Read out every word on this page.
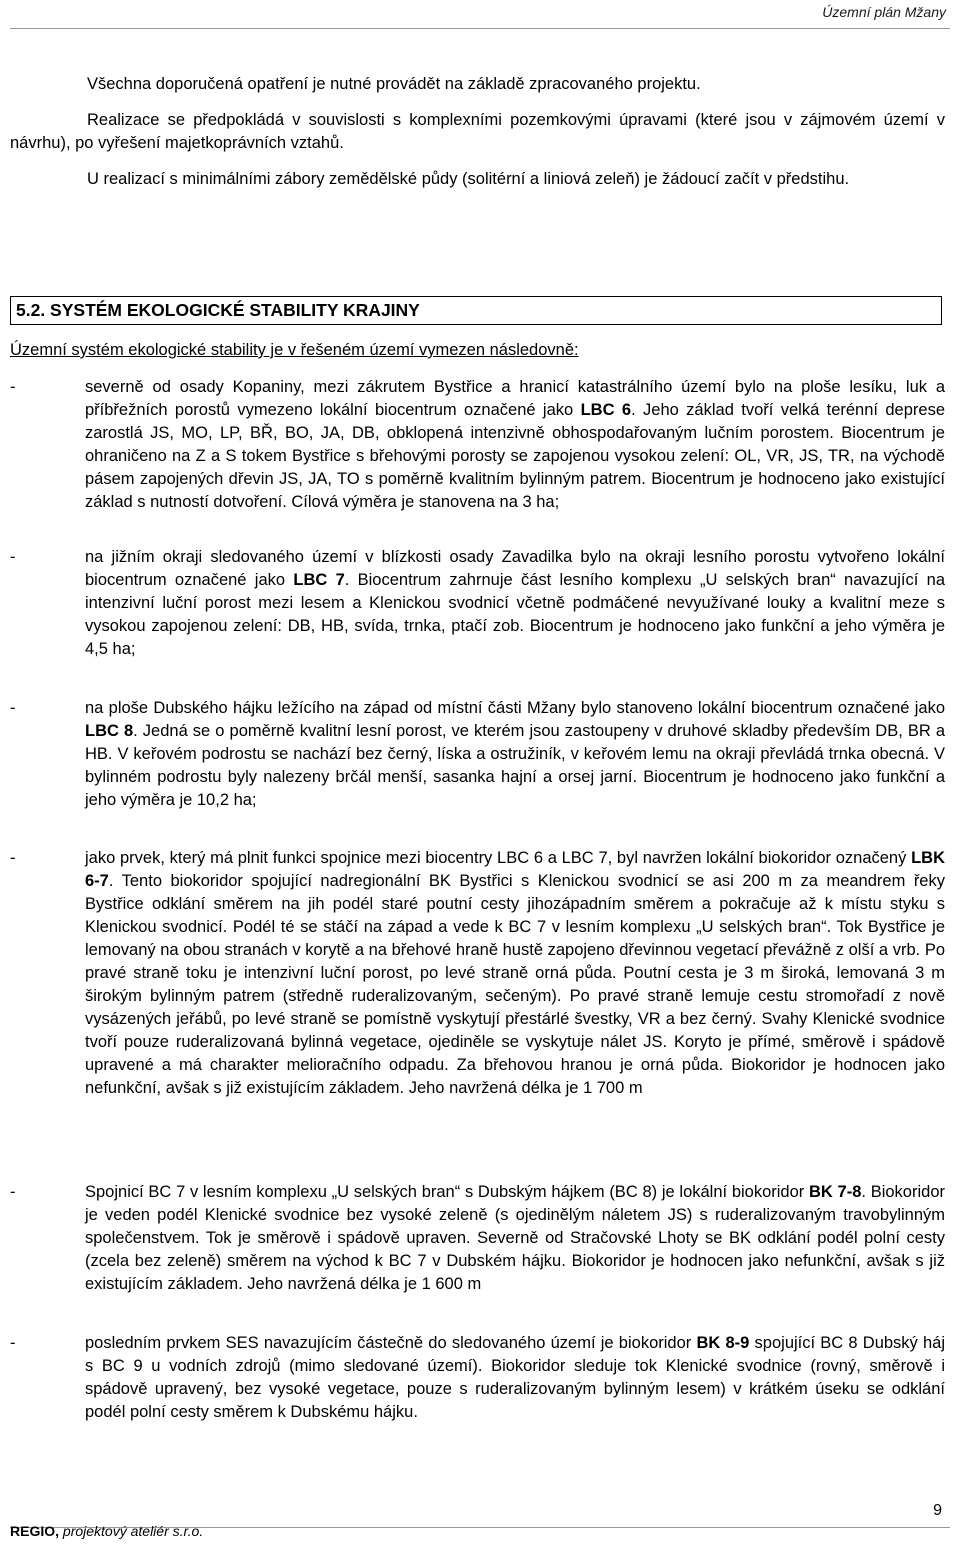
Územní plán Mžany

Všechna doporučená opatření je nutné provádět na základě zpracovaného projektu.

Realizace se předpokládá v souvislosti s komplexními pozemkovými úpravami (které jsou v zájmovém území v návrhu), po vyřešení majetkoprávních vztahů.

U realizací s minimálními zábory zemědělské půdy (solitérní a liniová zeleň) je žádoucí začít v předstihu.

5.2. SYSTÉM EKOLOGICKÉ STABILITY KRAJINY
Územní systém ekologické stability je v řešeném území vymezen následovně:
-	severně od osady Kopaniny, mezi zákrutem Bystřice a hranicí katastrálního území bylo na ploše lesíku, luk a příbřežních porostů vymezeno lokální biocentrum označené jako LBC 6. Jeho základ tvoří velká terénní deprese zarostlá JS, MO, LP, BŘ, BO, JA, DB, obklopená intenzivně obhospodařovaným lučním porostem. Biocentrum je ohraničeno na Z a S tokem Bystřice s břehovými porosty se zapojenou vysokou zelení: OL, VR, JS, TR, na východě pásem zapojených dřevin JS, JA, TO s poměrně kvalitním bylinným patrem. Biocentrum je hodnoceno jako existující základ s nutností dotvoření. Cílová výměra je stanovena na 3 ha;
-	na jižním okraji sledovaného území v blízkosti osady Zavadilka bylo na okraji lesního porostu vytvořeno lokální biocentrum označené jako LBC 7. Biocentrum zahrnuje část lesního komplexu „U selských bran“ navazující na intenzivní luční porost mezi lesem a Klenickou svodnicí včetně podmáčené nevyužívané louky a kvalitní meze s vysokou zapojenou zelení: DB, HB, svída, trnka, ptačí zob. Biocentrum je hodnoceno jako funkční a jeho výměra je 4,5 ha;
-	na ploše Dubského hájku ležícího na západ od místní části Mžany bylo stanoveno lokální biocentrum označené jako LBC 8. Jedná se o poměrně kvalitní lesní porost, ve kterém jsou zastoupeny v druhové skladby především DB, BR a HB. V keřovém podrostu se nachází bez černý, líska a ostružiník, v keřovém lemu na okraji převládá trnka obecná. V bylinném podrostu byly nalezeny brčál menší, sasanka hajní a orsej jarní. Biocentrum je hodnoceno jako funkční a jeho výměra je 10,2 ha;
-	jako prvek, který má plnit funkci spojnice mezi biocentry LBC 6 a LBC 7, byl navržen lokální biokoridor označený LBK 6-7. Tento biokoridor spojující nadregionální BK Bystřici s Klenickou svodnicí se asi 200 m za meandrem řeky Bystřice odklání směrem na jih podél staré poutní cesty jihozápadním směrem a pokračuje až k místu styku s Klenickou svodnicí. Podél té se stáčí na západ a vede k BC 7 v lesním komplexu „U selských bran“. Tok Bystřice je lemovaný na obou stranách v korytě a na břehové hraně hustě zapojeno dřevinnou vegetací převážně z olší a vrb. Po pravé straně toku je intenzivní luční porost, po levé straně orná půda. Poutní cesta je 3 m široká, lemovaná 3 m širokým bylinným patrem (středně ruderalizovaným, sečeným). Po pravé straně lemuje cestu stromořadí z nově vysázených jeřábů, po levé straně se pomístně vyskytují přestárlé švestky, VR a bez černý. Svahy Klenické svodnice tvoří pouze ruderalizovaná bylinná vegetace, ojediněle se vyskytuje nálet JS. Koryto je přímé, směrově i spádově upravené a má charakter melioračního odpadu. Za břehovou hranou je orná půda. Biokoridor je hodnocen jako nefunkční, avšak s již existujícím základem. Jeho navržená délka je 1 700 m
-	Spojnicí BC 7 v lesním komplexu „U selských bran“ s Dubským hájkem (BC 8) je lokální biokoridor BK 7-8. Biokoridor je veden podél Klenické svodnice bez vysoké zeleně (s ojedinělým náletem JS) s ruderalizovaným travobylinným společenstvem. Tok je směrově i spádově upraven. Severně od Stračovské Lhoty se BK odklání podél polní cesty (zcela bez zeleně) směrem na východ k BC 7 v Dubském hájku. Biokoridor je hodnocen jako nefunkční, avšak s již existujícím základem. Jeho navržená délka je 1 600 m
-	posledním prvkem SES navazujícím částečně do sledovaného území je biokoridor BK 8-9 spojující BC 8 Dubský háj s BC 9 u vodních zdrojů (mimo sledované území). Biokoridor sleduje tok Klenické svodnice (rovný, směrově i spádově upravený, bez vysoké vegetace, pouze s ruderalizovaným bylinným lesem) v krátkém úseku se odklání podél polní cesty směrem k Dubskému hájku.
9
REGIO, projektový ateliér s.r.o.
